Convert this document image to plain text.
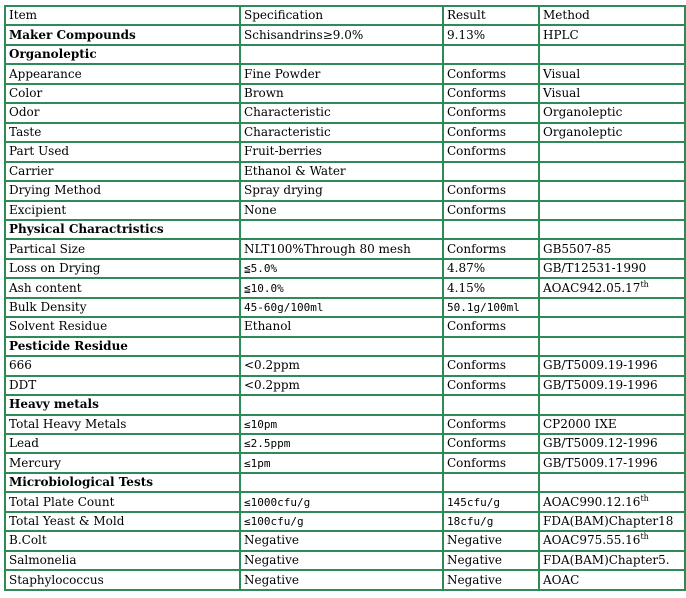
Item	Specification	Result	Method
Maker Compounds	Schisandrins≥9.0%	9.13%	HPLC
Organoleptic			
Appearance	Fine Powder	Conforms	Visual
Color	Brown	Conforms	Visual
Odor	Characteristic	Conforms	Organoleptic
Taste	Characteristic	Conforms	Organoleptic
Part Used	Fruit-berries	Conforms	
Carrier	Ethanol & Water		
Drying Method	Spray drying	Conforms	
Excipient	None	Conforms	
Physical Charactristics			
Partical Size	NLT100%Through 80 mesh	Conforms	GB5507-85
Loss on Drying	≦5.0%	4.87%	GB/T12531-1990
Ash content	≦10.0%	4.15%	AOAC942.05.17th
Bulk Density	45-60g/100ml	50.1g/100ml	
Solvent Residue	Ethanol	Conforms	
Pesticide Residue			
666	<0.2ppm	Conforms	GB/T5009.19-1996
DDT	<0.2ppm	Conforms	GB/T5009.19-1996
Heavy metals			
Total Heavy Metals	≤10pm	Conforms	CP2000 IXE
Lead	≤2.5ppm	Conforms	GB/T5009.12-1996
Mercury	≤1pm	Conforms	GB/T5009.17-1996
Microbiological Tests			
Total Plate Count	≤1000cfu/g	145cfu/g	AOAC990.12.16th
Total Yeast & Mold	≤100cfu/g	18cfu/g	FDA(BAM)Chapter18
B.Colt	Negative	Negative	AOAC975.55.16th
Salmonelia	Negative	Negative	FDA(BAM)Chapter5.
Staphylococcus	Negative	Negative	AOAC
